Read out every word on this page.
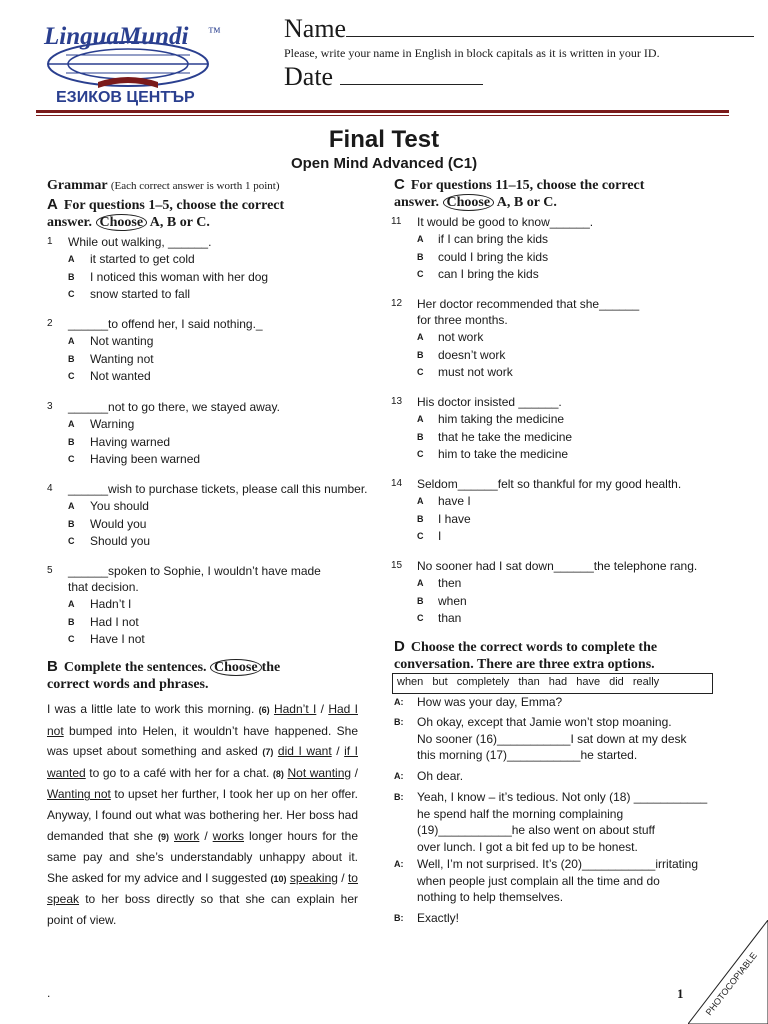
LinguaMundi ™
ЕЗИКОВ ЦЕНТЪР
Name
Please, write your name in English in block capitals as it is written in your ID.
Date
Final Test
Open Mind Advanced (C1)
Grammar (Each correct answer is worth 1 point)
A For questions 1–5, choose the correct
answer. Choose A, B or C.
1 While out walking, ______.
A it started to get cold
B I noticed this woman with her dog
C snow started to fall
2 ______to offend her, I said nothing._
A Not wanting
B Wanting not
C Not wanted
3 ______not to go there, we stayed away.
A Warning
B Having warned
C Having been warned
4 ______wish to purchase tickets, please call this number.
A You should
B Would you
C Should you
5 ______spoken to Sophie, I wouldn’t have made
that decision.
A Hadn’t I
B Had I not
C Have I not
B Complete the sentences. Choose the
correct words and phrases.
I was a little late to work this morning. (6) Hadn’t I / Had I not bumped into Helen, it wouldn’t have happened. She was upset about something and asked (7) did I want / if I wanted to go to a café with her for a chat. (8) Not wanting / Wanting not to upset her further, I took her up on her offer. Anyway, I found out what was bothering her. Her boss had demanded that she (9) work / works longer hours for the same pay and she’s understandably unhappy about it. She asked for my advice and I suggested (10) speaking / to speak to her boss directly so that she can explain her point of view.
C For questions 11–15, choose the correct
answer. Choose A, B or C.
11 It would be good to know______.
A if I can bring the kids
B could I bring the kids
C can I bring the kids
12 Her doctor recommended that she______
for three months.
A not work
B doesn’t work
C must not work
13 His doctor insisted ______.
A him taking the medicine
B that he take the medicine
C him to take the medicine
14 Seldom______felt so thankful for my good health.
A have I
B I have
C I
15 No sooner had I sat down______the telephone rang.
A then
B when
C than
D Choose the correct words to complete the
conversation. There are three extra options.
when but completely than had have did really
A: How was your day, Emma?
B: Oh okay, except that Jamie won’t stop moaning.
No sooner (16)___________I sat down at my desk
this morning (17)___________he started.
A: Oh dear.
B: Yeah, I know – it’s tedious. Not only (18) ___________
he spend half the morning complaining
(19)___________he also went on about stuff
over lunch. I got a bit fed up to be honest.
A: Well, I’m not surprised. It’s (20)___________irritating
when people just complain all the time and do
nothing to help themselves.
B: Exactly!
.	1 PHOTOCOPIABLE
